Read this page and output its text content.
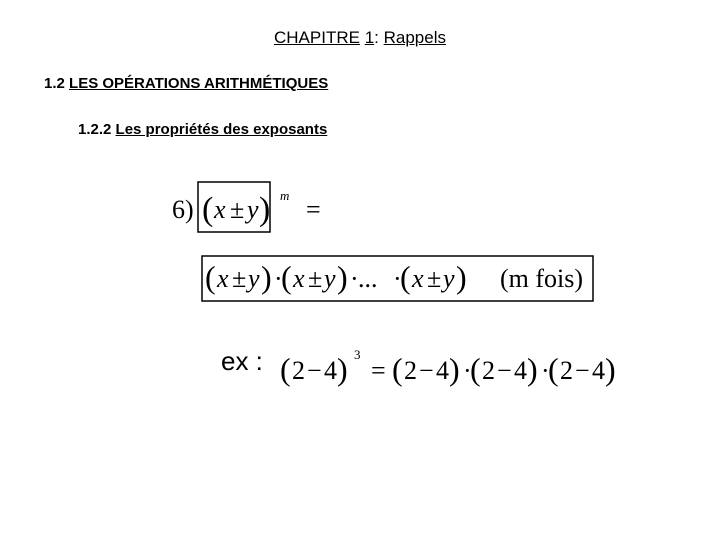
CHAPITRE 1: Rappels
1.2 LES OPÉRATIONS ARITHMÉTIQUES
1.2.2 Les propriétés des exposants
6) ( x ± y ) m =
( x ± y ) ·
( x ± y ) · ... ·
( x ± y ) (m fois)
ex : ( 2 − 4 ) 3
= ( 2 − 4 ) ·
( 2 − 4 ) ·
( 2 − 4 )
